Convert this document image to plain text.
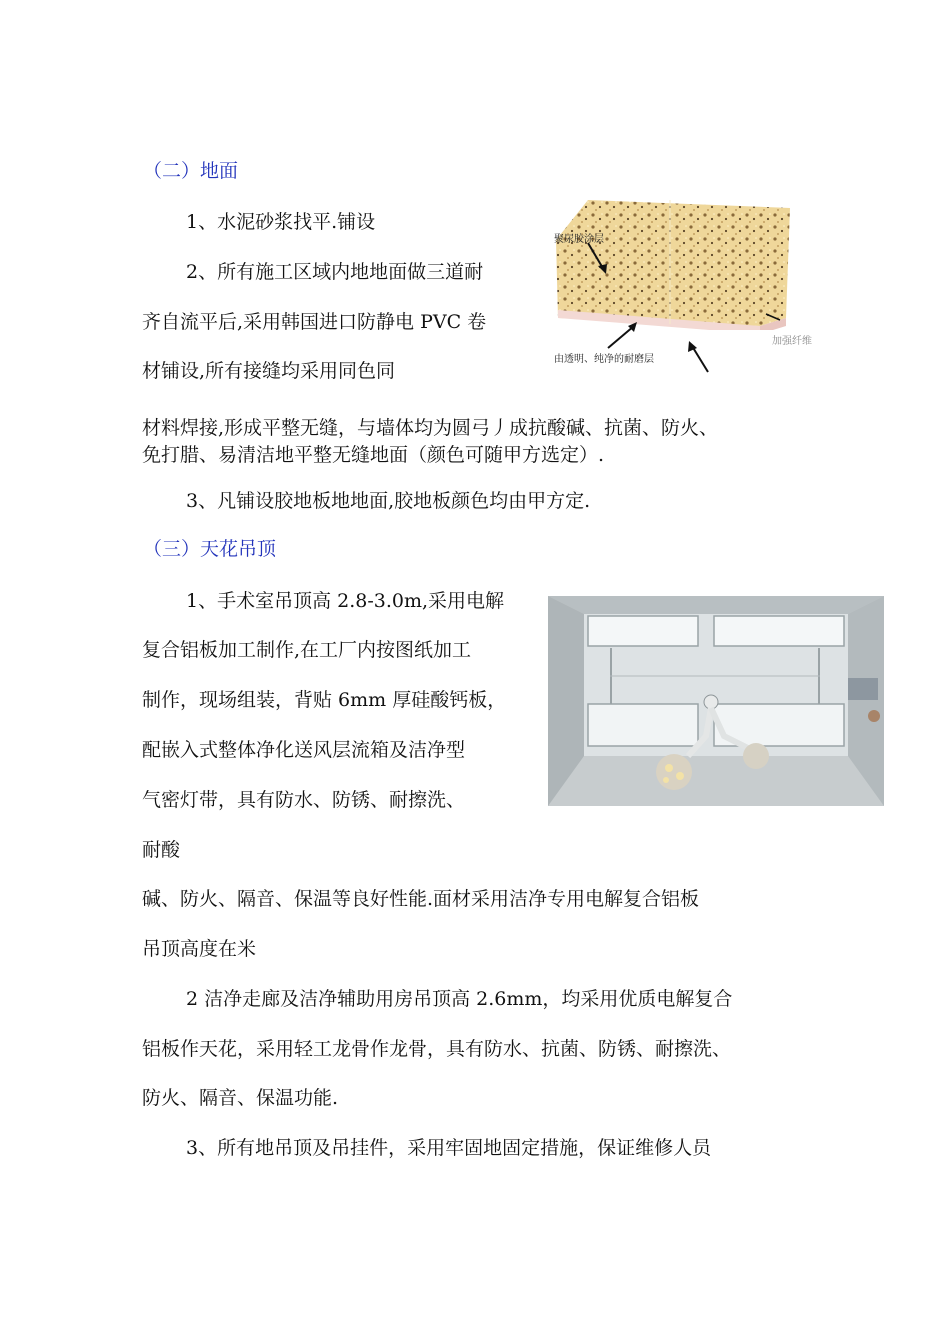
（二）地面
1、水泥砂浆找平.铺设
2、所有施工区域内地地面做三道耐
齐自流平后,采用韩国进口防静电 PVC 卷
材铺设,所有接缝均采用同色同
材料焊接,形成平整无缝，与墙体均为圆弓丿成抗酸碱、抗菌、防火、
免打腊、易清洁地平整无缝地面（颜色可随甲方选定）.
3、凡铺设胶地板地地面,胶地板颜色均由甲方定.
聚尿胶涂层
由透明、纯净的耐磨层
加强纤维
（三）天花吊顶
1、手术室吊顶高 2.8-3.0m,采用电解
复合铝板加工制作,在工厂内按图纸加工
制作，现场组装，背贴 6mm 厚硅酸钙板，
配嵌入式整体净化送风层流箱及洁净型
气密灯带，具有防水、防锈、耐擦洗、
耐酸
碱、防火、隔音、保温等良好性能.面材采用洁净专用电解复合铝板
吊顶高度在米
2 洁净走廊及洁净辅助用房吊顶高 2.6mm，均采用优质电解复合
铝板作天花，采用轻工龙骨作龙骨，具有防水、抗菌、防锈、耐擦洗、
防火、隔音、保温功能.
3、所有地吊顶及吊挂件，采用牢固地固定措施，保证维修人员
